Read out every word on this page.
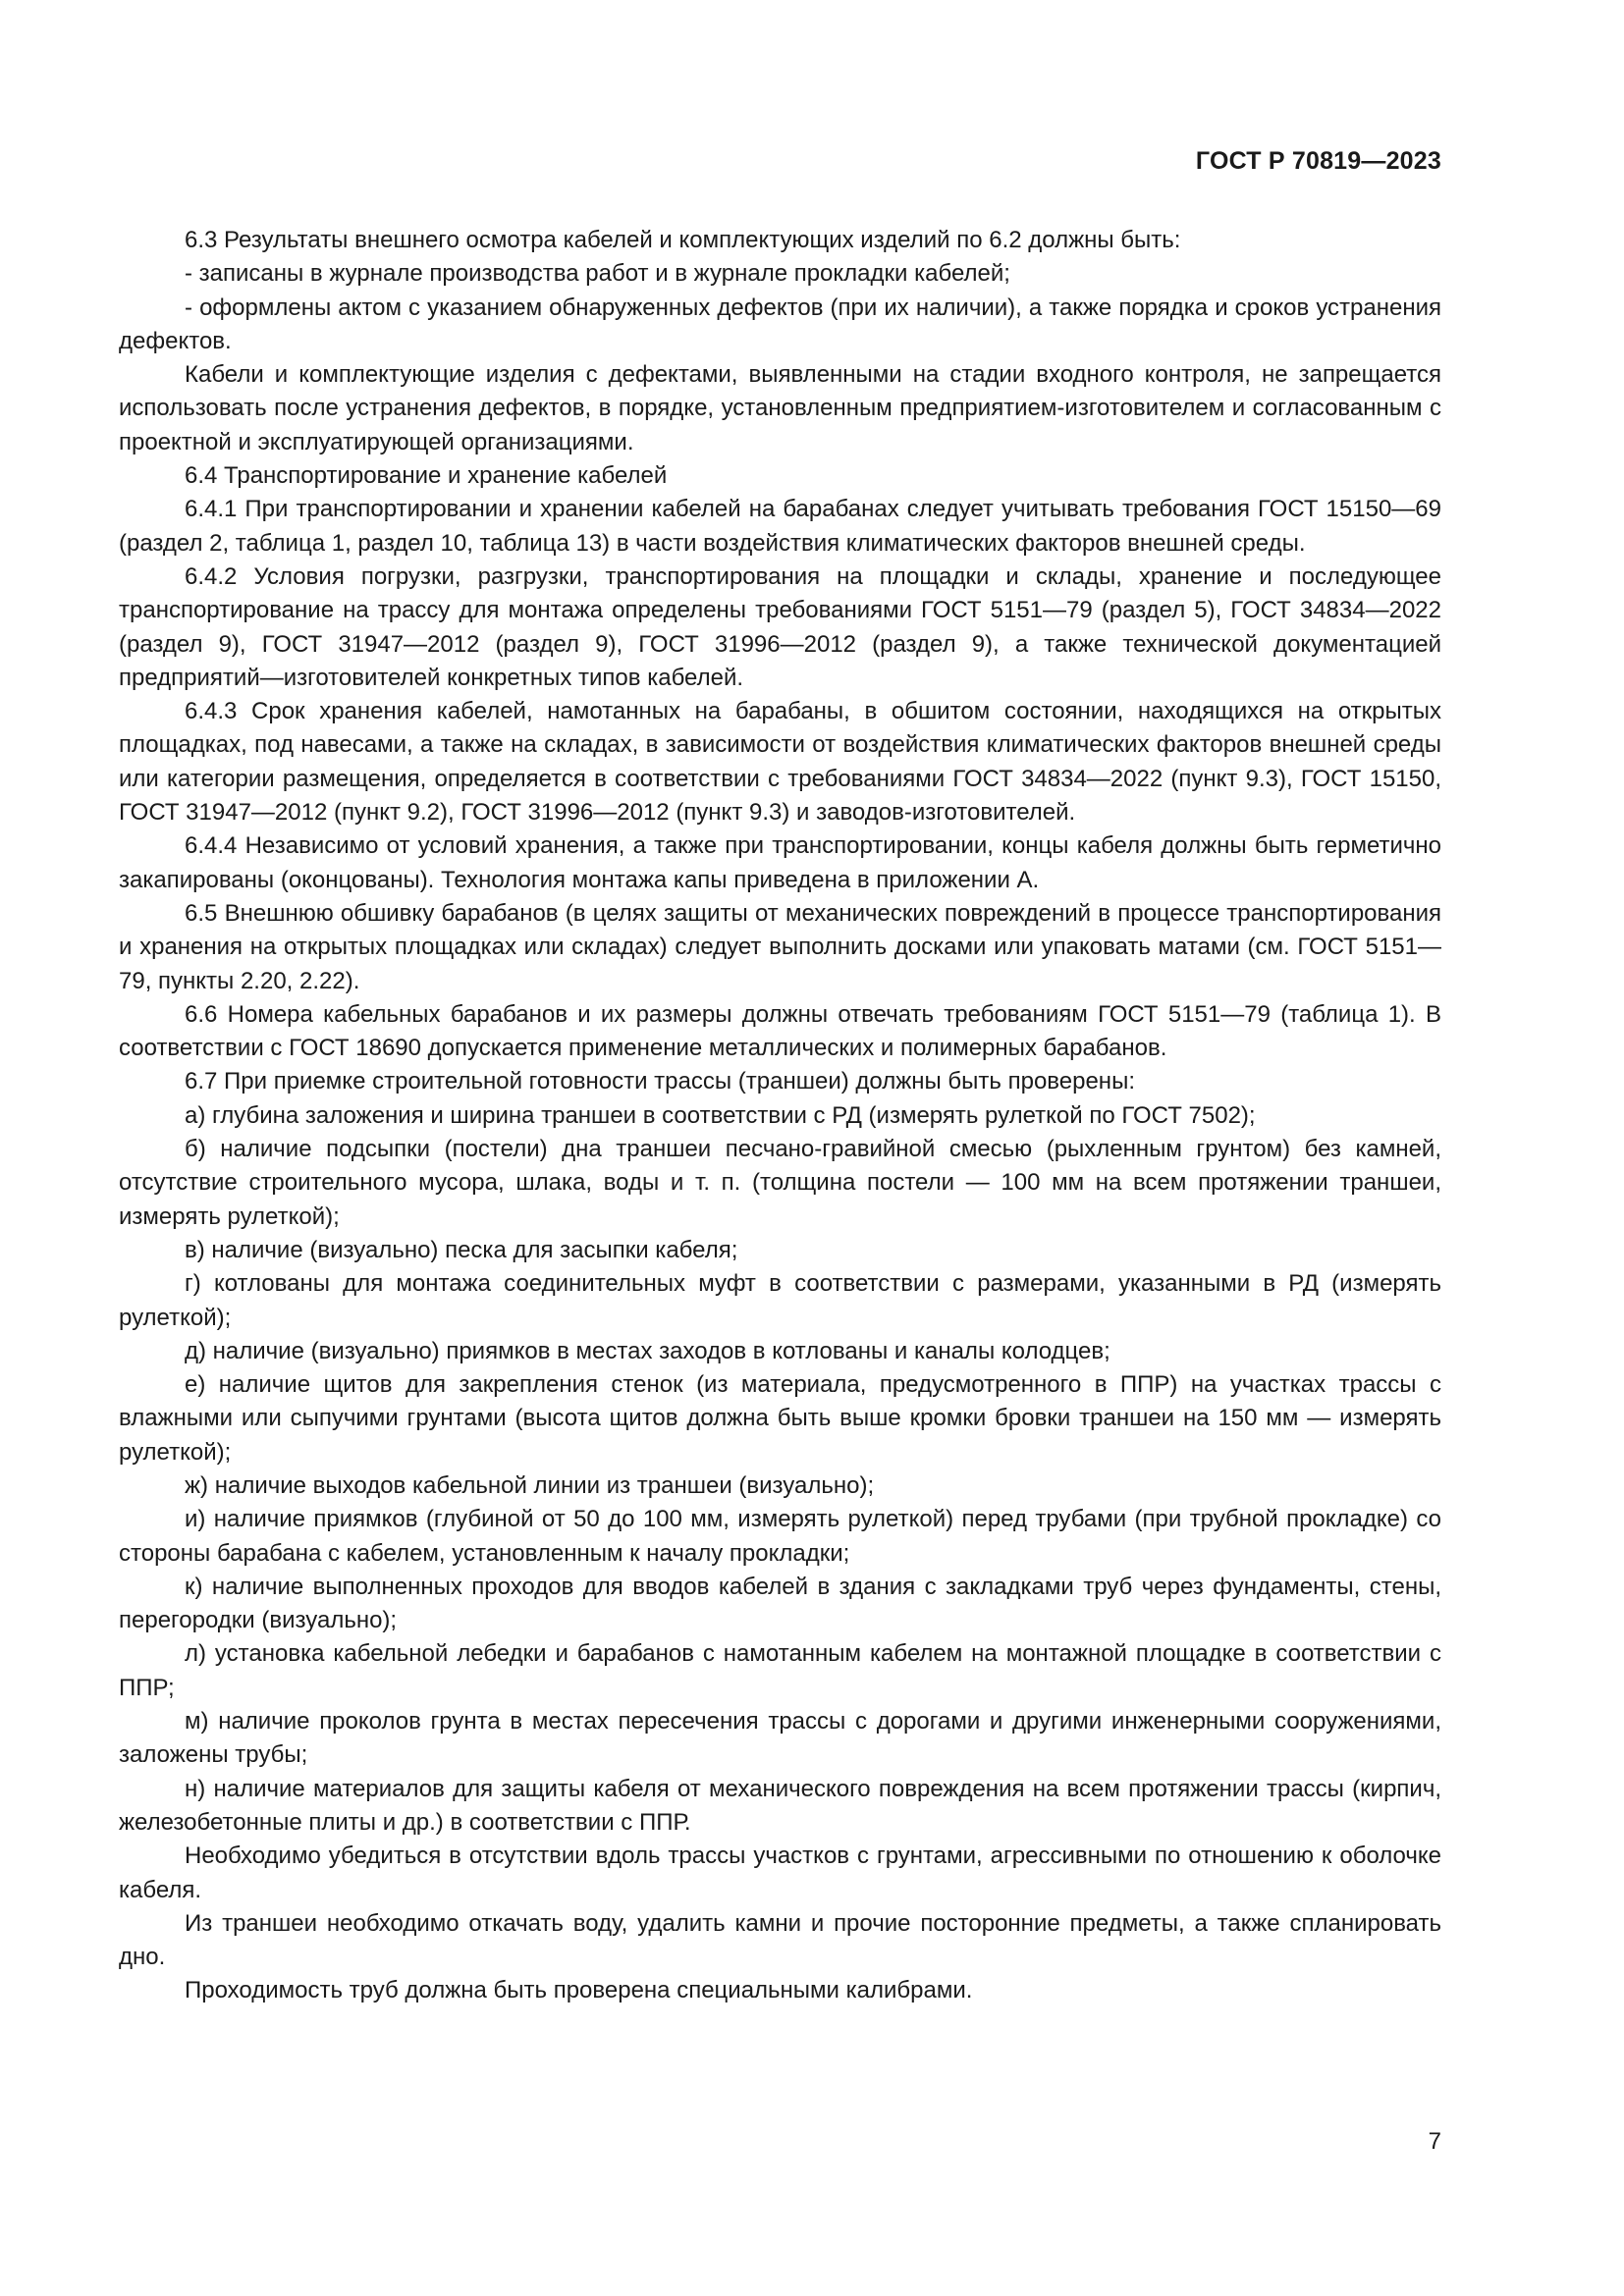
ГОСТ Р 70819—2023

6.3 Результаты внешнего осмотра кабелей и комплектующих изделий по 6.2 должны быть:

- записаны в журнале производства работ и в журнале прокладки кабелей;

- оформлены актом с указанием обнаруженных дефектов (при их наличии), а также порядка и сроков устранения дефектов.

Кабели и комплектующие изделия с дефектами, выявленными на стадии входного контроля, не запрещается использовать после устранения дефектов, в порядке, установленным предприятием-изготовителем и согласованным с проектной и эксплуатирующей организациями.

6.4 Транспортирование и хранение кабелей

6.4.1 При транспортировании и хранении кабелей на барабанах следует учитывать требования ГОСТ 15150—69 (раздел 2, таблица 1, раздел 10, таблица 13) в части воздействия климатических факторов внешней среды.

6.4.2 Условия погрузки, разгрузки, транспортирования на площадки и склады, хранение и последующее транспортирование на трассу для монтажа определены требованиями ГОСТ 5151—79 (раздел 5), ГОСТ 34834—2022 (раздел 9), ГОСТ 31947—2012 (раздел 9), ГОСТ 31996—2012 (раздел 9), а также технической документацией предприятий—изготовителей конкретных типов кабелей.

6.4.3 Срок хранения кабелей, намотанных на барабаны, в обшитом состоянии, находящихся на открытых площадках, под навесами, а также на складах, в зависимости от воздействия климатических факторов внешней среды или категории размещения, определяется в соответствии с требованиями ГОСТ 34834—2022 (пункт 9.3), ГОСТ 15150, ГОСТ 31947—2012 (пункт 9.2), ГОСТ 31996—2012 (пункт 9.3) и заводов-изготовителей.

6.4.4 Независимо от условий хранения, а также при транспортировании, концы кабеля должны быть герметично закапированы (оконцованы). Технология монтажа капы приведена в приложении А.

6.5 Внешнюю обшивку барабанов (в целях защиты от механических повреждений в процессе транспортирования и хранения на открытых площадках или складах) следует выполнить досками или упаковать матами (см. ГОСТ 5151—79, пункты 2.20, 2.22).

6.6 Номера кабельных барабанов и их размеры должны отвечать требованиям ГОСТ 5151—79 (таблица 1). В соответствии с ГОСТ 18690 допускается применение металлических и полимерных барабанов.

6.7 При приемке строительной готовности трассы (траншеи) должны быть проверены:

а) глубина заложения и ширина траншеи в соответствии с РД (измерять рулеткой по ГОСТ 7502);

б) наличие подсыпки (постели) дна траншеи песчано-гравийной смесью (рыхленным грунтом) без камней, отсутствие строительного мусора, шлака, воды и т. п. (толщина постели — 100 мм на всем протяжении траншеи, измерять рулеткой);

в) наличие (визуально) песка для засыпки кабеля;

г) котлованы для монтажа соединительных муфт в соответствии с размерами, указанными в РД (измерять рулеткой);

д) наличие (визуально) приямков в местах заходов в котлованы и каналы колодцев;

е) наличие щитов для закрепления стенок (из материала, предусмотренного в ППР) на участках трассы с влажными или сыпучими грунтами (высота щитов должна быть выше кромки бровки траншеи на 150 мм — измерять рулеткой);

ж) наличие выходов кабельной линии из траншеи (визуально);

и) наличие приямков (глубиной от 50 до 100 мм, измерять рулеткой) перед трубами (при трубной прокладке) со стороны барабана с кабелем, установленным к началу прокладки;

к) наличие выполненных проходов для вводов кабелей в здания с закладками труб через фундаменты, стены, перегородки (визуально);

л) установка кабельной лебедки и барабанов с намотанным кабелем на монтажной площадке в соответствии с ППР;

м) наличие проколов грунта в местах пересечения трассы с дорогами и другими инженерными сооружениями, заложены трубы;

н) наличие материалов для защиты кабеля от механического повреждения на всем протяжении трассы (кирпич, железобетонные плиты и др.) в соответствии с ППР.

Необходимо убедиться в отсутствии вдоль трассы участков с грунтами, агрессивными по отношению к оболочке кабеля.

Из траншеи необходимо откачать воду, удалить камни и прочие посторонние предметы, а также спланировать дно.

Проходимость труб должна быть проверена специальными калибрами.

7
